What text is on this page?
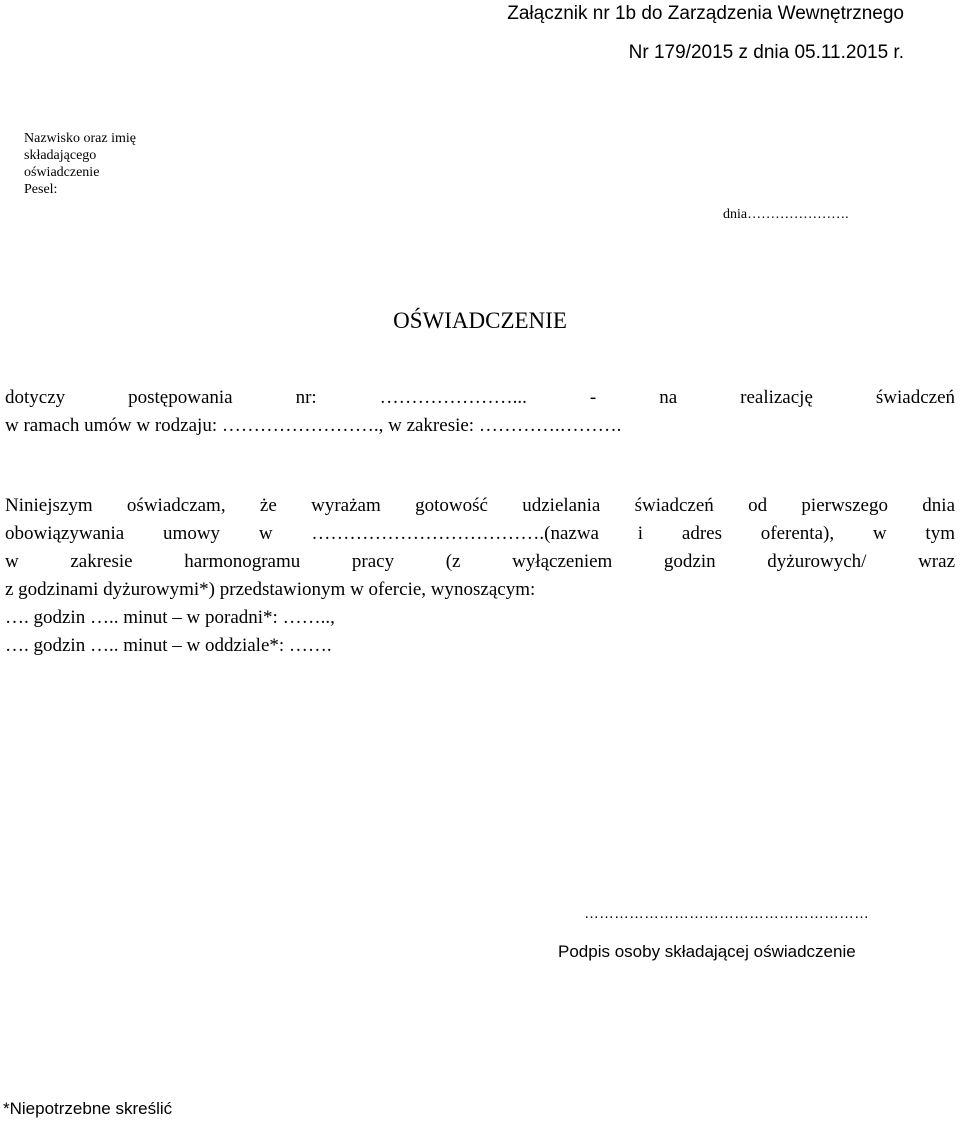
Załącznik nr 1b do Zarządzenia Wewnętrznego
Nr 179/2015 z dnia 05.11.2015 r.
Nazwisko oraz imię
składającego
oświadczenie
Pesel:
dnia………………….
OŚWIADCZENIE
dotyczy postępowania nr: …………………... - na realizację świadczeń
w ramach umów w rodzaju: ……………………., w zakresie: ………….……….
Niniejszym oświadczam, że wyrażam gotowość udzielania świadczeń od pierwszego dnia
obowiązywania umowy w ……………………………….(nazwa i adres oferenta), w tym
w zakresie harmonogramu pracy (z wyłączeniem godzin dyżurowych/ wraz
z godzinami dyżurowymi*) przedstawionym w ofercie, wynoszącym:
…. godzin ….. minut – w poradni*: ……..,
…. godzin ….. minut – w oddziale*: …….
…………………………………………………
Podpis osoby składającej oświadczenie
*Niepotrzebne skreślić
